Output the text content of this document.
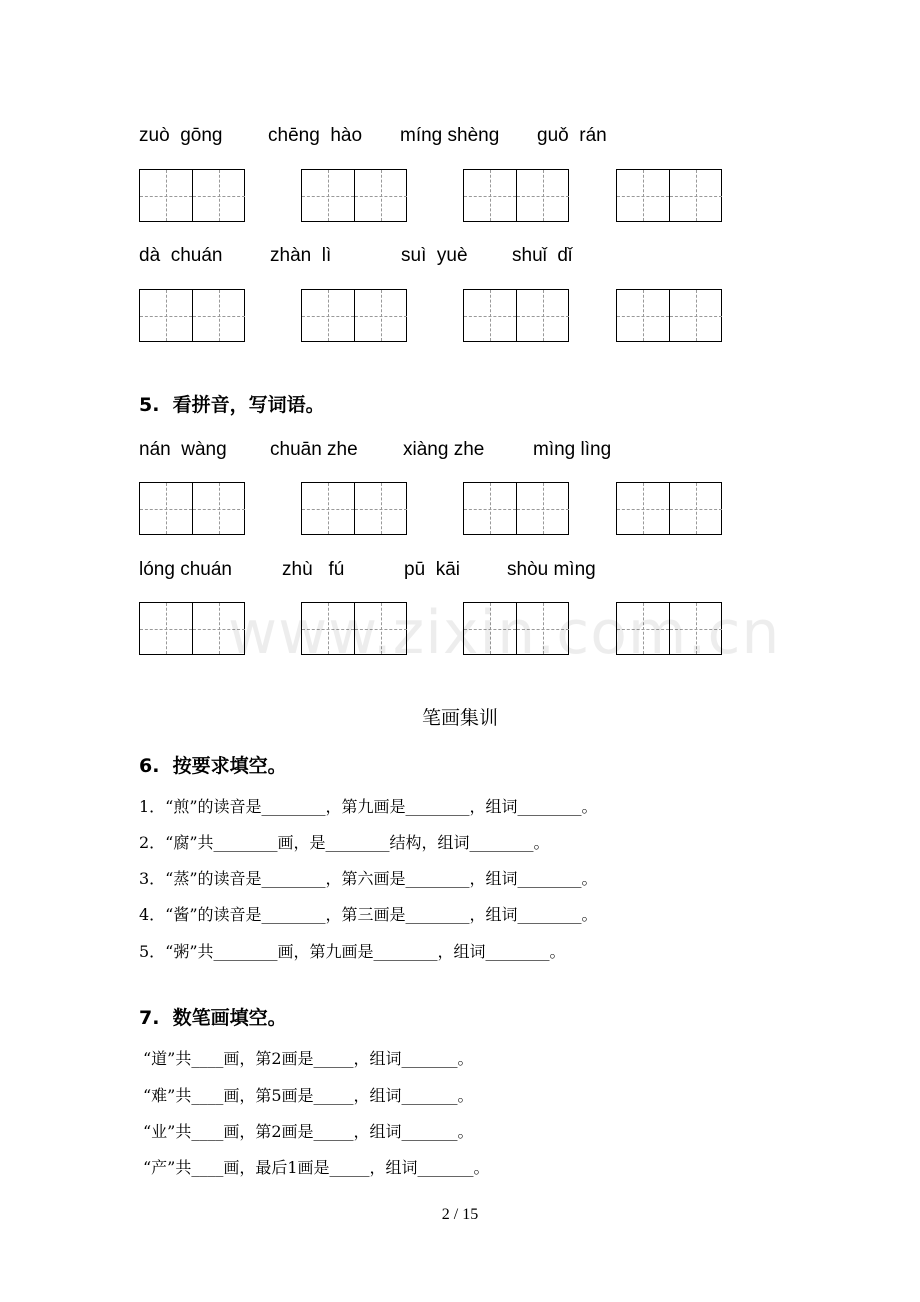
zuò  gōng chēng  hào míng shèng guǒ  rán
dà  chuán	zhàn  lì	suì  yuè shuǐ  dǐ
5.  看拼音，写词语。
nán  wàng chuān zhe xiàng zhe	mìng lìng
lóng chuán	zhù   fú	pū  kāi shòu mìng
www.zixin.com.cn
笔画集训
6.  按要求填空。
1．“煎”的读音是________，第九画是________，组词________。
2．“腐”共________画，是________结构，组词________。
3．“蒸”的读音是________，第六画是________，组词________。
4．“酱”的读音是________，第三画是________，组词________。
5．“粥”共________画，第九画是________，组词________。
7.  数笔画填空。
“道”共____画，第2画是_____，组词_______。
“难”共____画，第5画是_____，组词_______。
“业”共____画，第2画是_____，组词_______。
“产”共____画，最后1画是_____，组词_______。
2 / 15
